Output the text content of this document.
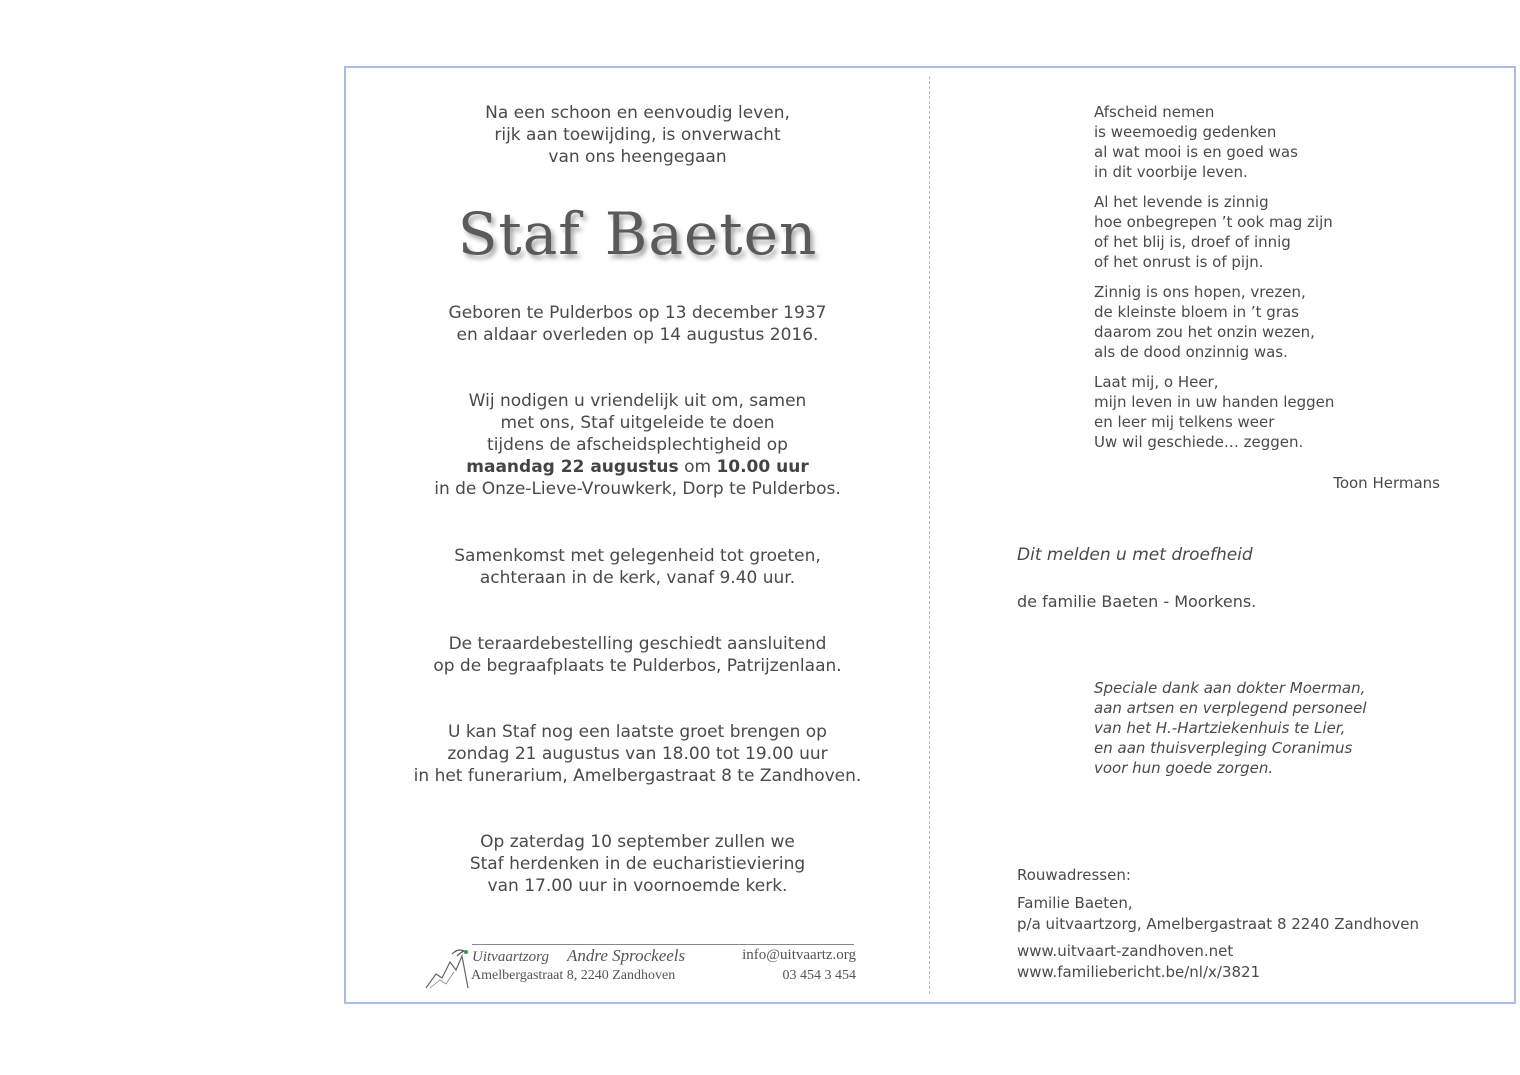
Na een schoon en eenvoudig leven,

rijk aan toewijding, is onverwacht

van ons heengegaan

Staf Baeten

Geboren te Pulderbos op 13 december 1937

en aldaar overleden op 14 augustus 2016.

Wij nodigen u vriendelijk uit om, samen

met ons, Staf uitgeleide te doen

tijdens de afscheidsplechtigheid op

maandag 22 augustus om 10.00 uur

in de Onze-Lieve-Vrouwkerk, Dorp te Pulderbos.

Samenkomst met gelegenheid tot groeten,

achteraan in de kerk, vanaf 9.40 uur.

De teraardebestelling geschiedt aansluitend

op de begraafplaats te Pulderbos, Patrijzenlaan.

U kan Staf nog een laatste groet brengen op

zondag 21 augustus van 18.00 tot 19.00 uur

in het funerarium, Amelbergastraat 8 te Zandhoven.

Op zaterdag 10 september zullen we

Staf herdenken in de eucharistieviering

van 17.00 uur in voornoemde kerk.

Uitvaartzorg Andre Sprockeels	info@uitvaartz.org
Amelbergastraat 8, 2240 Zandhoven	03 454 3 454
Afscheid nemen
is weemoedig gedenken
al wat mooi is en goed was
in dit voorbije leven.
Al het levende is zinnig
hoe onbegrepen ’t ook mag zijn
of het blij is, droef of innig
of het onrust is of pijn.
Zinnig is ons hopen, vrezen,
de kleinste bloem in ’t gras
daarom zou het onzin wezen,
als de dood onzinnig was.
Laat mij, o Heer,
mijn leven in uw handen leggen
en leer mij telkens weer
Uw wil geschiede… zeggen.
Toon Hermans
Dit melden u met droefheid
de familie Baeten - Moorkens.
Speciale dank aan dokter Moerman,
aan artsen en verplegend personeel
van het H.-Hartziekenhuis te Lier,
en aan thuisverpleging Coranimus
voor hun goede zorgen.
Rouwadressen:
Familie Baeten,
p/a uitvaartzorg, Amelbergastraat 8 2240 Zandhoven
www.uitvaart-zandhoven.net
www.familiebericht.be/nl/x/3821
